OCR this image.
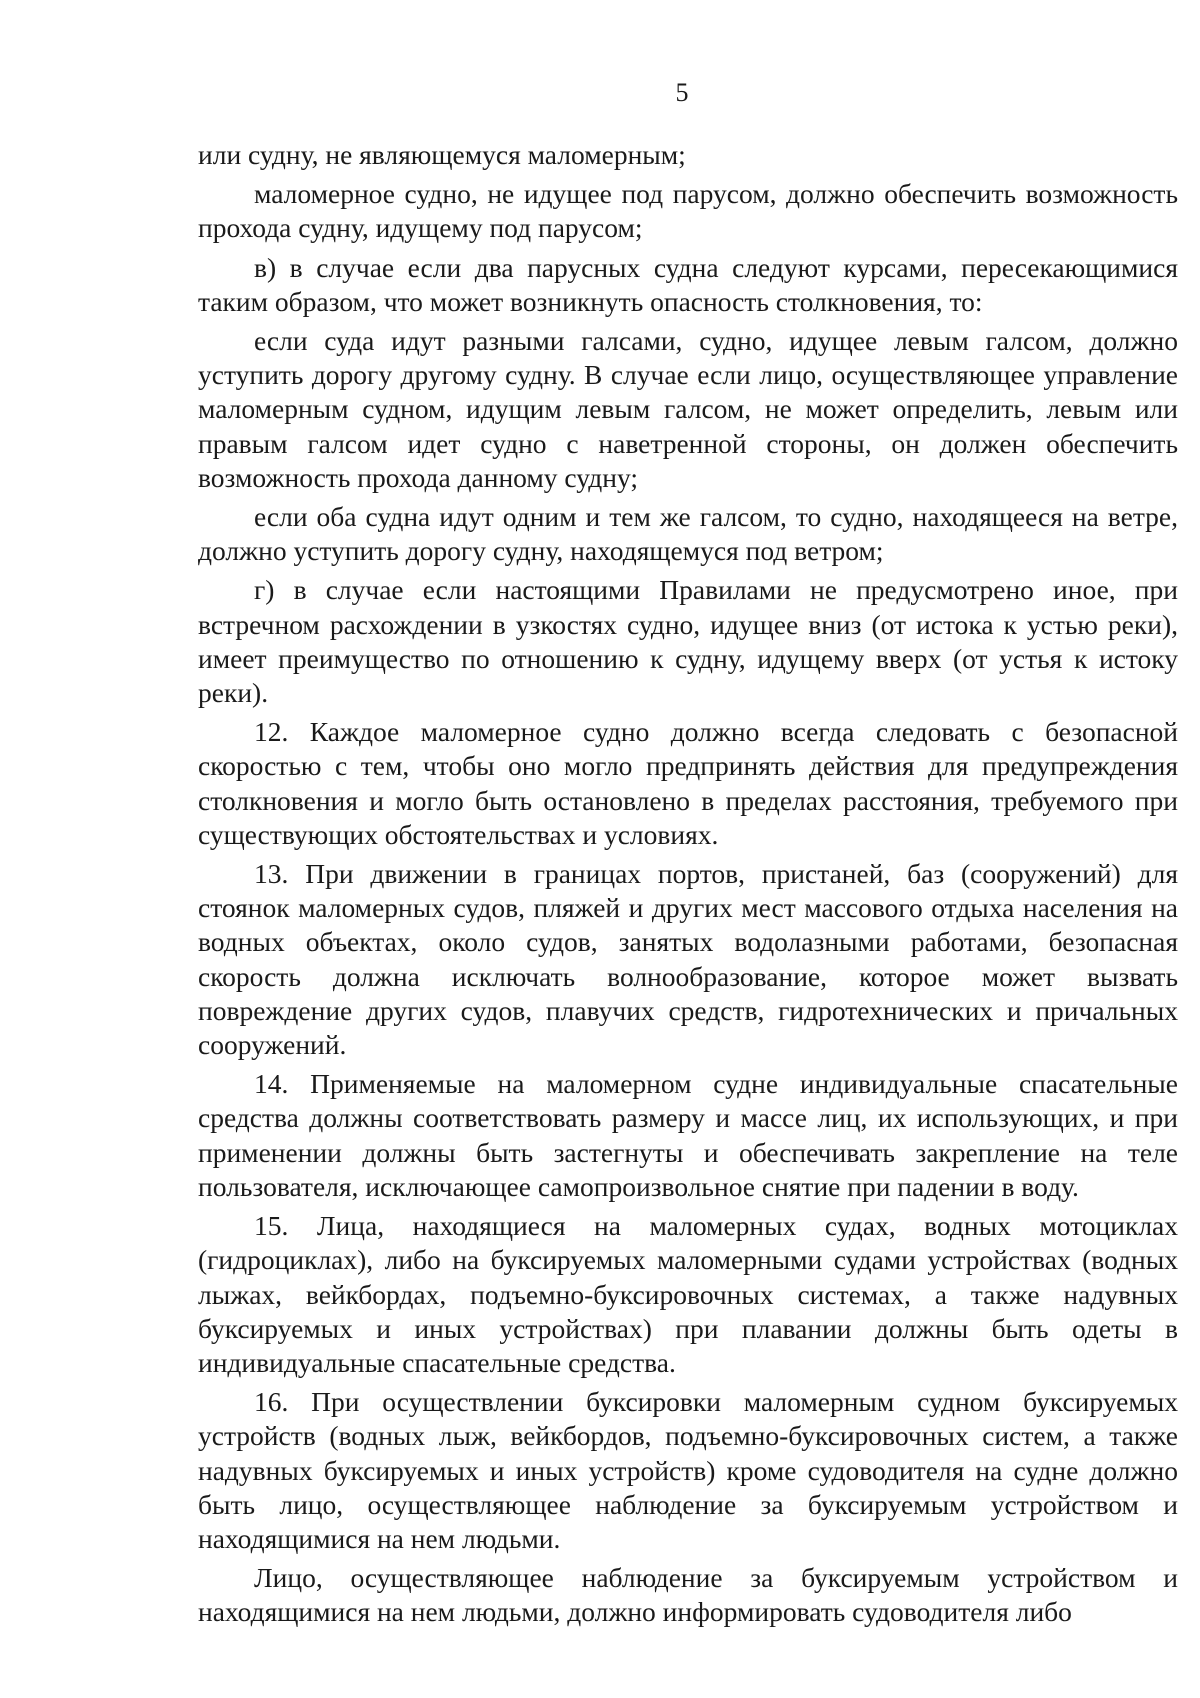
5

или судну, не являющемуся маломерным;

маломерное судно, не идущее под парусом, должно обеспечить возможность прохода судну, идущему под парусом;

в) в случае если два парусных судна следуют курсами, пересекающимися таким образом, что может возникнуть опасность столкновения, то:

если суда идут разными галсами, судно, идущее левым галсом, должно уступить дорогу другому судну. В случае если лицо, осуществляющее управление маломерным судном, идущим левым галсом, не может определить, левым или правым галсом идет судно с наветренной стороны, он должен обеспечить возможность прохода данному судну;

если оба судна идут одним и тем же галсом, то судно, находящееся на ветре, должно уступить дорогу судну, находящемуся под ветром;

г) в случае если настоящими Правилами не предусмотрено иное, при встречном расхождении в узкостях судно, идущее вниз (от истока к устью реки), имеет преимущество по отношению к судну, идущему вверх (от устья к истоку реки).

12. Каждое маломерное судно должно всегда следовать с безопасной скоростью с тем, чтобы оно могло предпринять действия для предупреждения столкновения и могло быть остановлено в пределах расстояния, требуемого при существующих обстоятельствах и условиях.

13. При движении в границах портов, пристаней, баз (сооружений) для стоянок маломерных судов, пляжей и других мест массового отдыха населения на водных объектах, около судов, занятых водолазными работами, безопасная скорость должна исключать волнообразование, которое может вызвать повреждение других судов, плавучих средств, гидротехнических и причальных сооружений.

14. Применяемые на маломерном судне индивидуальные спасательные средства должны соответствовать размеру и массе лиц, их использующих, и при применении должны быть застегнуты и обеспечивать закрепление на теле пользователя, исключающее самопроизвольное снятие при падении в воду.

15. Лица, находящиеся на маломерных судах, водных мотоциклах (гидроциклах), либо на буксируемых маломерными судами устройствах (водных лыжах, вейкбордах, подъемно-буксировочных системах, а также надувных буксируемых и иных устройствах) при плавании должны быть одеты в индивидуальные спасательные средства.

16. При осуществлении буксировки маломерным судном буксируемых устройств (водных лыж, вейкбордов, подъемно-буксировочных систем, а также надувных буксируемых и иных устройств) кроме судоводителя на судне должно быть лицо, осуществляющее наблюдение за буксируемым устройством и находящимися на нем людьми.

Лицо, осуществляющее наблюдение за буксируемым устройством и находящимися на нем людьми, должно информировать судоводителя либо
